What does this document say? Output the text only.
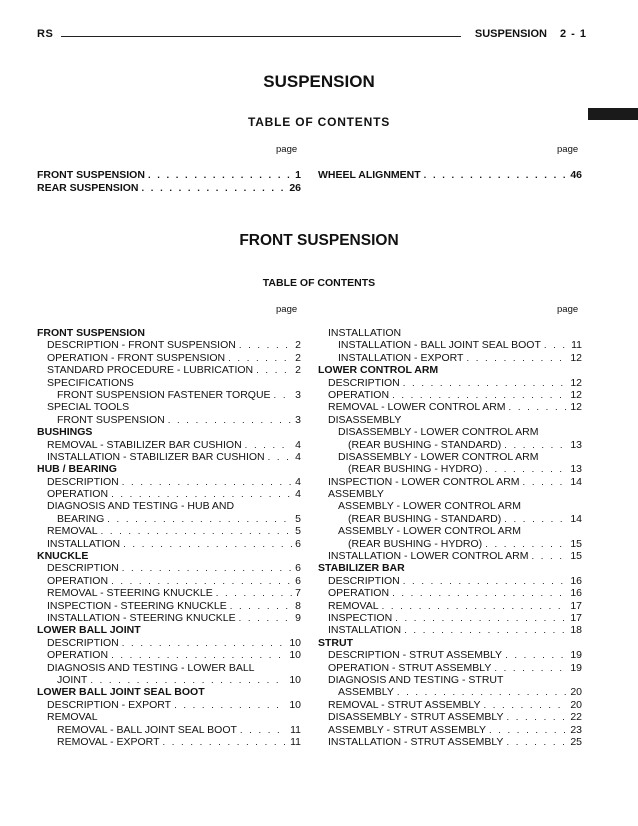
RS	SUSPENSION 2 - 1
SUSPENSION
TABLE OF CONTENTS
page	page
FRONT SUSPENSION . . .	1
REAR SUSPENSION . . .	26
WHEEL ALIGNMENT . . .	46
FRONT SUSPENSION
TABLE OF CONTENTS
page	page
FRONT SUSPENSION
DESCRIPTION - FRONT SUSPENSION . . .	2
OPERATION - FRONT SUSPENSION . . .	2
STANDARD PROCEDURE - LUBRICATION . . .	2
SPECIFICATIONS
FRONT SUSPENSION FASTENER TORQUE . . . 3
SPECIAL TOOLS
FRONT SUSPENSION . . .	3
BUSHINGS
REMOVAL - STABILIZER BAR CUSHION . . .	4
INSTALLATION - STABILIZER BAR CUSHION . . .	4
HUB / BEARING
DESCRIPTION . . .	4
OPERATION . . .	4
DIAGNOSIS AND TESTING - HUB AND
BEARING . . .	5
REMOVAL . . .	5
INSTALLATION . . .	6
KNUCKLE
DESCRIPTION . . .	6
OPERATION . . .	6
REMOVAL - STEERING KNUCKLE . . .	7
INSPECTION - STEERING KNUCKLE . . .	8
INSTALLATION - STEERING KNUCKLE . . .	9
LOWER BALL JOINT
DESCRIPTION . . .	10
OPERATION . . .	10
DIAGNOSIS AND TESTING - LOWER BALL
JOINT . . .	10
LOWER BALL JOINT SEAL BOOT
DESCRIPTION - EXPORT . . .	10
REMOVAL
REMOVAL - BALL JOINT SEAL BOOT . . .	11
REMOVAL - EXPORT . . .	11
INSTALLATION
INSTALLATION - BALL JOINT SEAL BOOT . . .	11
INSTALLATION - EXPORT . . .	12
LOWER CONTROL ARM
DESCRIPTION . . .	12
OPERATION . . .	12
REMOVAL - LOWER CONTROL ARM . . .	12
DISASSEMBLY
DISASSEMBLY - LOWER CONTROL ARM
(REAR BUSHING - STANDARD) . . .	13
DISASSEMBLY - LOWER CONTROL ARM
(REAR BUSHING - HYDRO) . . .	13
INSPECTION - LOWER CONTROL ARM . . .	14
ASSEMBLY
ASSEMBLY - LOWER CONTROL ARM
(REAR BUSHING - STANDARD) . . .	14
ASSEMBLY - LOWER CONTROL ARM
(REAR BUSHING - HYDRO) . . .	15
INSTALLATION - LOWER CONTROL ARM . . .	15
STABILIZER BAR
DESCRIPTION . . .	16
OPERATION . . .	16
REMOVAL . . .	17
INSPECTION . . .	17
INSTALLATION . . .	18
STRUT
DESCRIPTION - STRUT ASSEMBLY . . .	19
OPERATION - STRUT ASSEMBLY . . .	19
DIAGNOSIS AND TESTING - STRUT
ASSEMBLY . . .	20
REMOVAL - STRUT ASSEMBLY . . .	20
DISASSEMBLY - STRUT ASSEMBLY . . .	22
ASSEMBLY - STRUT ASSEMBLY . . .	23
INSTALLATION - STRUT ASSEMBLY . . .	25
